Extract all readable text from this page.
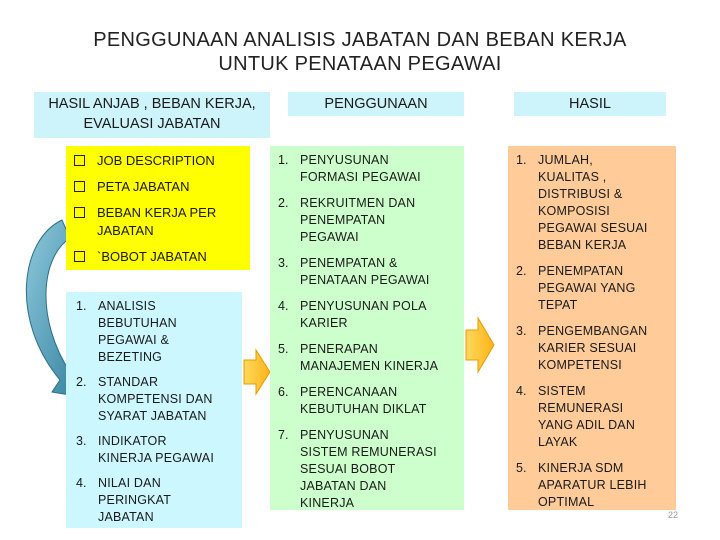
PENGGUNAAN ANALISIS JABATAN DAN BEBAN KERJA
UNTUK PENATAAN PEGAWAI
HASIL ANJAB , BEBAN KERJA, EVALUASI JABATAN
PENGGUNAAN	HASIL
JOB DESCRIPTION
PETA JABATAN
BEBAN KERJA PER JABATAN
`BOBOT JABATAN
1. ANALISIS
BEBUTUHAN
PEGAWAI &
BEZETING
2. STANDAR
KOMPETENSI DAN
SYARAT JABATAN
3. INDIKATOR
KINERJA PEGAWAI
4. NILAI DAN
PERINGKAT
JABATAN
1. PENYUSUNAN
FORMASI PEGAWAI
2. REKRUITMEN DAN
PENEMPATAN
PEGAWAI
3. PENEMPATAN &
PENATAAN PEGAWAI
4. PENYUSUNAN POLA
KARIER
5. PENERAPAN
MANAJEMEN KINERJA
6. PERENCANAAN
KEBUTUHAN DIKLAT
7. PENYUSUNAN
SISTEM REMUNERASI
SESUAI BOBOT
JABATAN DAN
KINERJA
1. JUMLAH,
KUALITAS ,
DISTRIBUSI &
KOMPOSISI
PEGAWAI SESUAI
BEBAN KERJA
2. PENEMPATAN
PEGAWAI YANG
TEPAT
3. PENGEMBANGAN
KARIER SESUAI
KOMPETENSI
4. SISTEM
REMUNERASI
YANG ADIL DAN
LAYAK
5. KINERJA SDM
APARATUR LEBIH
OPTIMAL
22
